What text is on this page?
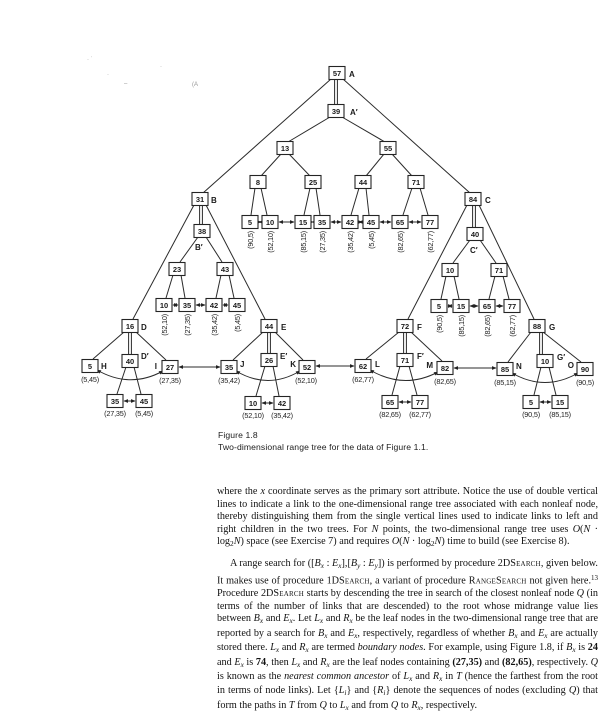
57 A
39 A′
13	55
8	25	44	71
5 10	15 35	42 45	65	77
31 B
38
B′
23	43
10 35 42 45
84 C
40
C′
10	71
5 15 65 77
16 D
40
D′
5 H	27
I
35	45
44 E
26 E′
35 J	52
K
10	42
72 F
71 F′
62 L	82
M
65	77
88 G
10 G′
85 N	90
O
5	15
(90,5) (52,10)	(85,15) (27,35)	(35,42) (5,45)	(82,65)	(62,77)
(52,10) (27,35) (35,42) (5,45)	(90,5) (85,15) (82,65) (62,77)
(5,45)	(27,35)	(35,42)	(52,10)	(62,77)	(82,65)	(85,15)	(90,5)
(27,35) (5,45)	(52,10) (35,42)	(82,65) (62,77)	(90,5) (85,15)
· ˙
·
·
–	(A
Figure 1.8
Two-dimensional range tree for the data of Figure 1.1.

where the x coordinate serves as the primary sort attribute. Notice the use of double vertical lines to indicate a link to the one-dimensional range tree associated with each nonleaf node, thereby distinguishing them from the single vertical lines used to indicate links to left and right children in the two trees. For N points, the two-dimensional range tree uses $O(N \cdot \log_2N)$ space (see Exercise 7) and requires $O(N \cdot \log_2N)$ time to build (see Exercise 8).

A range search for ([Bx : Ex],[By : Ey]) is performed by procedure 2DSearch, given below. It makes use of procedure 1DSearch, a variant of procedure RangeSearch not given here.$^{13}$ Procedure 2DSearch starts by descending the tree in search of the closest nonleaf node Q (in terms of the number of links that are descended) to the root whose midrange value lies between Bx and Ex. Let Lx and Rx be the leaf nodes in the two-dimensional range tree that are reported by a search for Bx and Ex, respectively, regardless of whether Bx and Ex are actually stored there. Lx and Rx are termed boundary nodes. For example, using Figure 1.8, if Bx is 24 and Ex is 74, then Lx and Rx are the leaf nodes containing (27,35) and (82,65), respectively. Q is known as the nearest common ancestor of Lx and Rx in T (hence the farthest from the root in terms of node links). Let {Li} and {Ri} denote the sequences of nodes (excluding Q) that form the paths in T from Q to Lx and from Q to Rx, respectively.
